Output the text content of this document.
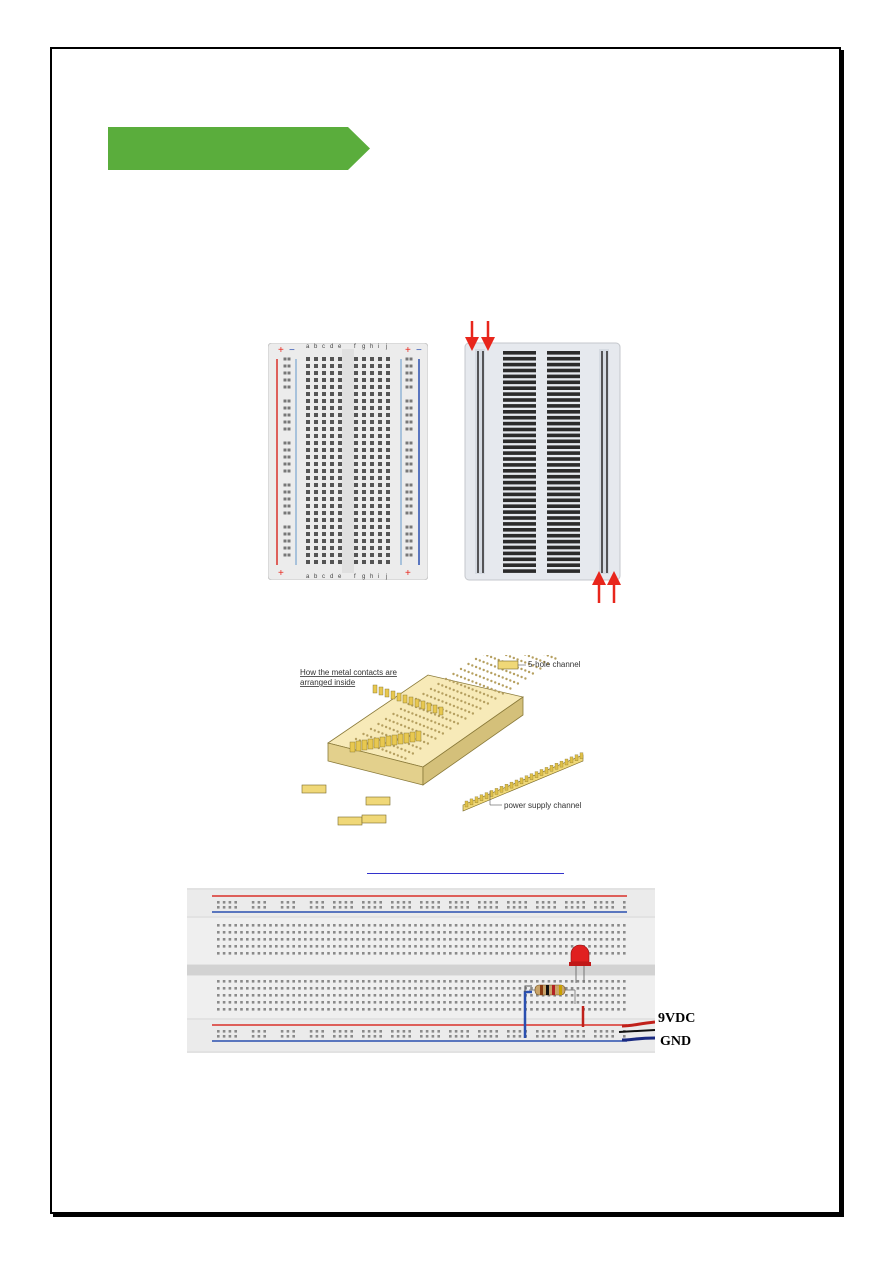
+ −	+ −
+	+
a
a
b
b
c
c
d
d
e
e
f
f
g
g
h
h
i
i
j
j
How the metal contacts are
arranged inside
5-hole channel
power supply channel
9VDC
GND
